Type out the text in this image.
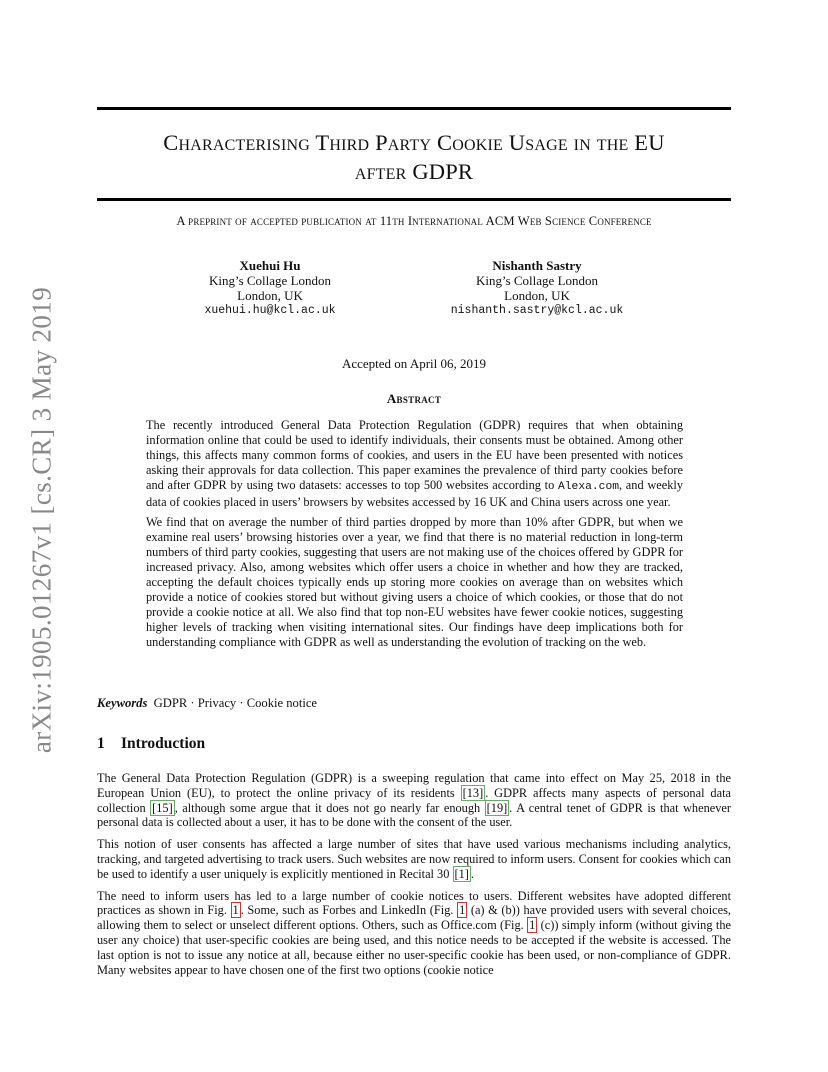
arXiv:1905.01267v1 [cs.CR] 3 May 2019
Characterising Third Party Cookie Usage in the EU
after GDPR
A preprint of accepted publication at 11th International ACM Web Science Conference
Xuehui Hu
King’s Collage London
London, UK
xuehui.hu@kcl.ac.uk
Nishanth Sastry
King’s Collage London
London, UK
nishanth.sastry@kcl.ac.uk
Accepted on April 06, 2019
Abstract

The recently introduced General Data Protection Regulation (GDPR) requires that when obtaining information online that could be used to identify individuals, their consents must be obtained. Among other things, this affects many common forms of cookies, and users in the EU have been presented with notices asking their approvals for data collection. This paper examines the prevalence of third party cookies before and after GDPR by using two datasets: accesses to top 500 websites according to Alexa.com, and weekly data of cookies placed in users’ browsers by websites accessed by 16 UK and China users across one year.

We find that on average the number of third parties dropped by more than 10% after GDPR, but when we examine real users’ browsing histories over a year, we find that there is no material reduction in long-term numbers of third party cookies, suggesting that users are not making use of the choices offered by GDPR for increased privacy. Also, among websites which offer users a choice in whether and how they are tracked, accepting the default choices typically ends up storing more cookies on average than on websites which provide a notice of cookies stored but without giving users a choice of which cookies, or those that do not provide a cookie notice at all. We also find that top non-EU websites have fewer cookie notices, suggesting higher levels of tracking when visiting international sites. Our findings have deep implications both for understanding compliance with GDPR as well as understanding the evolution of tracking on the web.

Keywords GDPR · Privacy · Cookie notice
1 Introduction

The General Data Protection Regulation (GDPR) is a sweeping regulation that came into effect on May 25, 2018 in the European Union (EU), to protect the online privacy of its residents [13] . GDPR affects many aspects of personal data collection [15] , although some argue that it does not go nearly far enough [19] . A central tenet of GDPR is that whenever personal data is collected about a user, it has to be done with the consent of the user.

This notion of user consents has affected a large number of sites that have used various mechanisms including analytics, tracking, and targeted advertising to track users. Such websites are now required to inform users. Consent for cookies which can be used to identify a user uniquely is explicitly mentioned in Recital 30 [1] .

The need to inform users has led to a large number of cookie notices to users. Different websites have adopted different practices as shown in Fig. 1 . Some, such as Forbes and LinkedIn (Fig. 1 (a) & (b)) have provided users with several choices, allowing them to select or unselect different options. Others, such as Office.com (Fig. 1 (c)) simply inform (without giving the user any choice) that user-specific cookies are being used, and this notice needs to be accepted if the website is accessed. The last option is not to issue any notice at all, because either no user-specific cookie has been used, or non-compliance of GDPR. Many websites appear to have chosen one of the first two options (cookie notice
